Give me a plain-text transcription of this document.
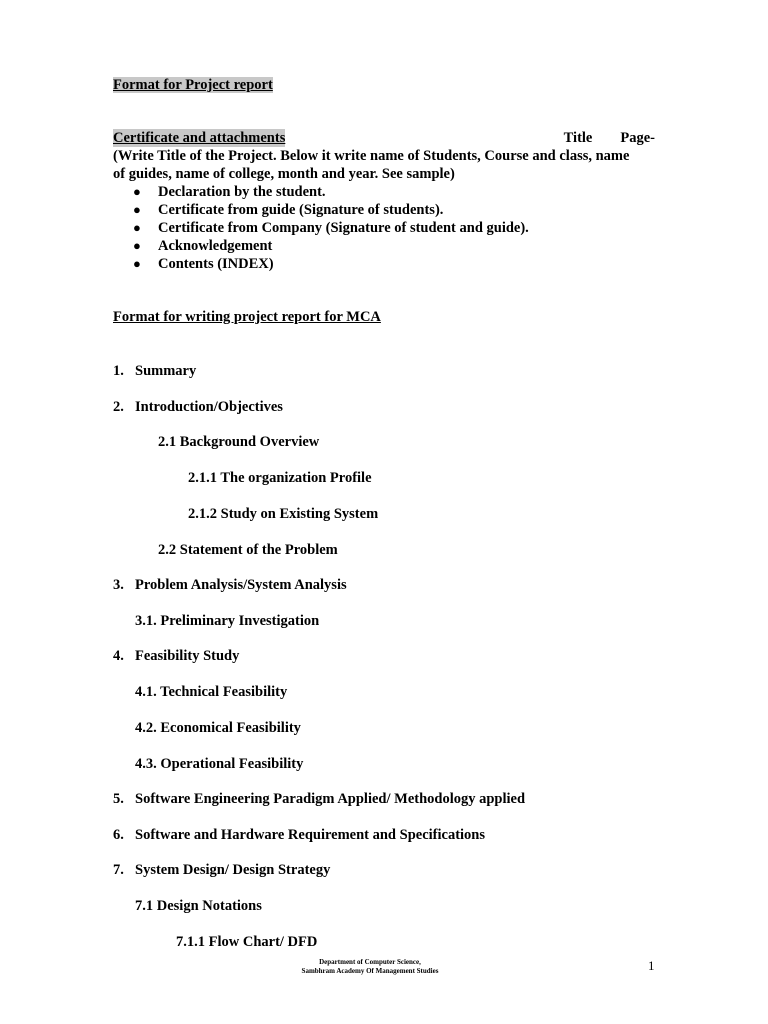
Format for Project report
Certificate and attachments	Title Page-
(Write Title of the Project. Below it write name of Students, Course and class, name
of guides, name of college, month and year. See sample)
● Declaration by the student.
● Certificate from guide (Signature of students).
● Certificate from Company (Signature of student and guide).
● Acknowledgement
● Contents (INDEX)
Format for writing project report for MCA
1. Summary
2. Introduction/Objectives
2.1 Background Overview
2.1.1 The organization Profile
2.1.2 Study on Existing System
2.2 Statement of the Problem
3. Problem Analysis/System Analysis
3.1. Preliminary Investigation
4. Feasibility Study
4.1. Technical Feasibility
4.2. Economical Feasibility
4.3. Operational Feasibility
5. Software Engineering Paradigm Applied/ Methodology applied
6. Software and Hardware Requirement and Specifications
7. System Design/ Design Strategy
7.1 Design Notations
7.1.1 Flow Chart/ DFD
Department of Computer Science,
Sambhram Academy Of Management Studies	1
